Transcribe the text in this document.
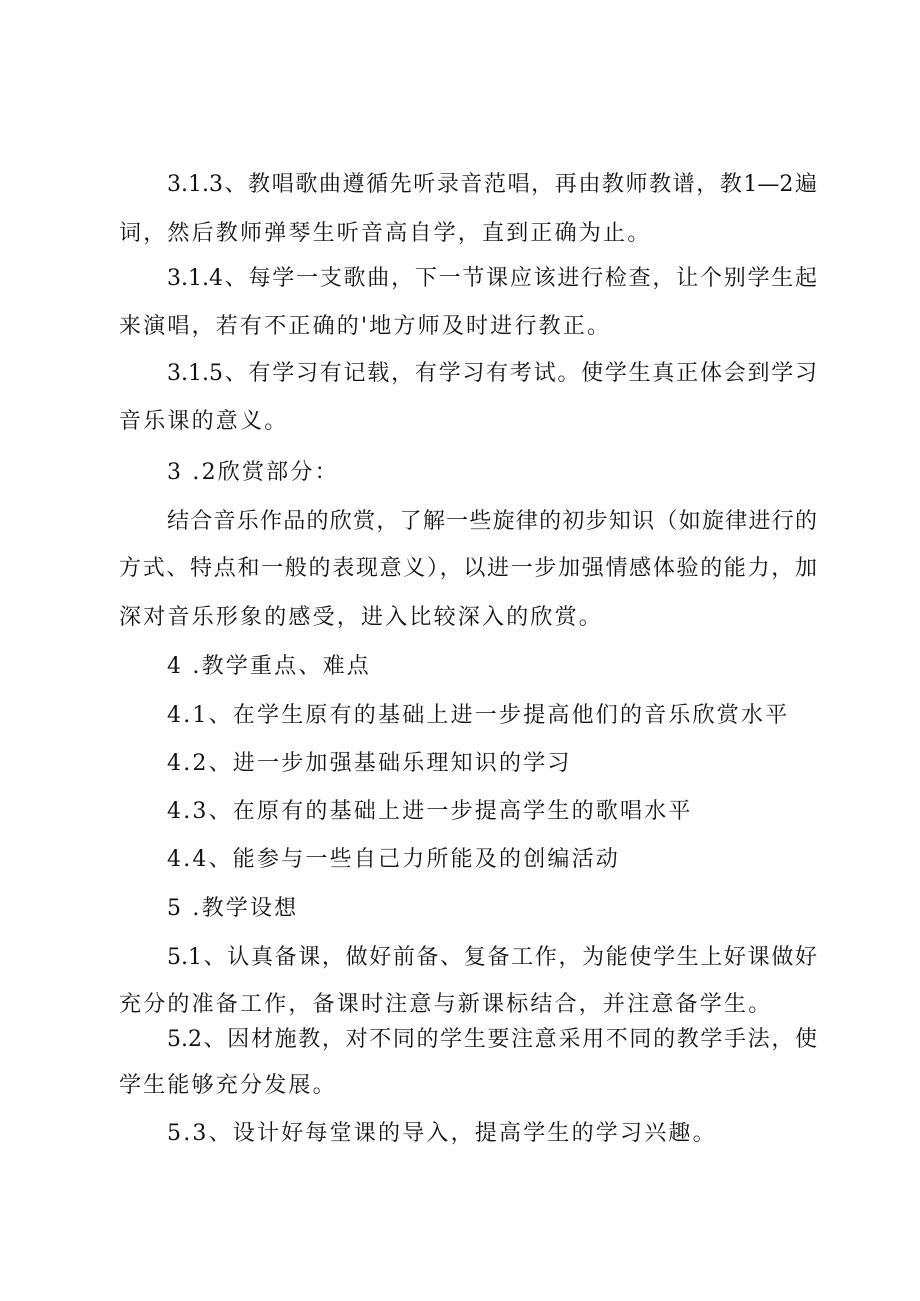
3.1.3、教唱歌曲遵循先听录音范唱，再由教师教谱，教1—2遍
词，然后教师弹琴生听音高自学，直到正确为止。
3.1.4、每学一支歌曲，下一节课应该进行检查，让个别学生起
来演唱，若有不正确的'地方师及时进行教正。
3.1.5、有学习有记载，有学习有考试。使学生真正体会到学习
音乐课的意义。
3 .2欣赏部分：
结合音乐作品的欣赏，了解一些旋律的初步知识（如旋律进行的
方式、特点和一般的表现意义），以进一步加强情感体验的能力，加
深对音乐形象的感受，进入比较深入的欣赏。
4 .教学重点、难点
4.1、在学生原有的基础上进一步提高他们的音乐欣赏水平
4.2、进一步加强基础乐理知识的学习
4.3、在原有的基础上进一步提高学生的歌唱水平
4.4、能参与一些自己力所能及的创编活动
5 .教学设想
5.1、认真备课，做好前备、复备工作，为能使学生上好课做好
充分的准备工作，备课时注意与新课标结合，并注意备学生。
5.2、因材施教，对不同的学生要注意采用不同的教学手法，使
学生能够充分发展。
5.3、设计好每堂课的导入，提高学生的学习兴趣。
